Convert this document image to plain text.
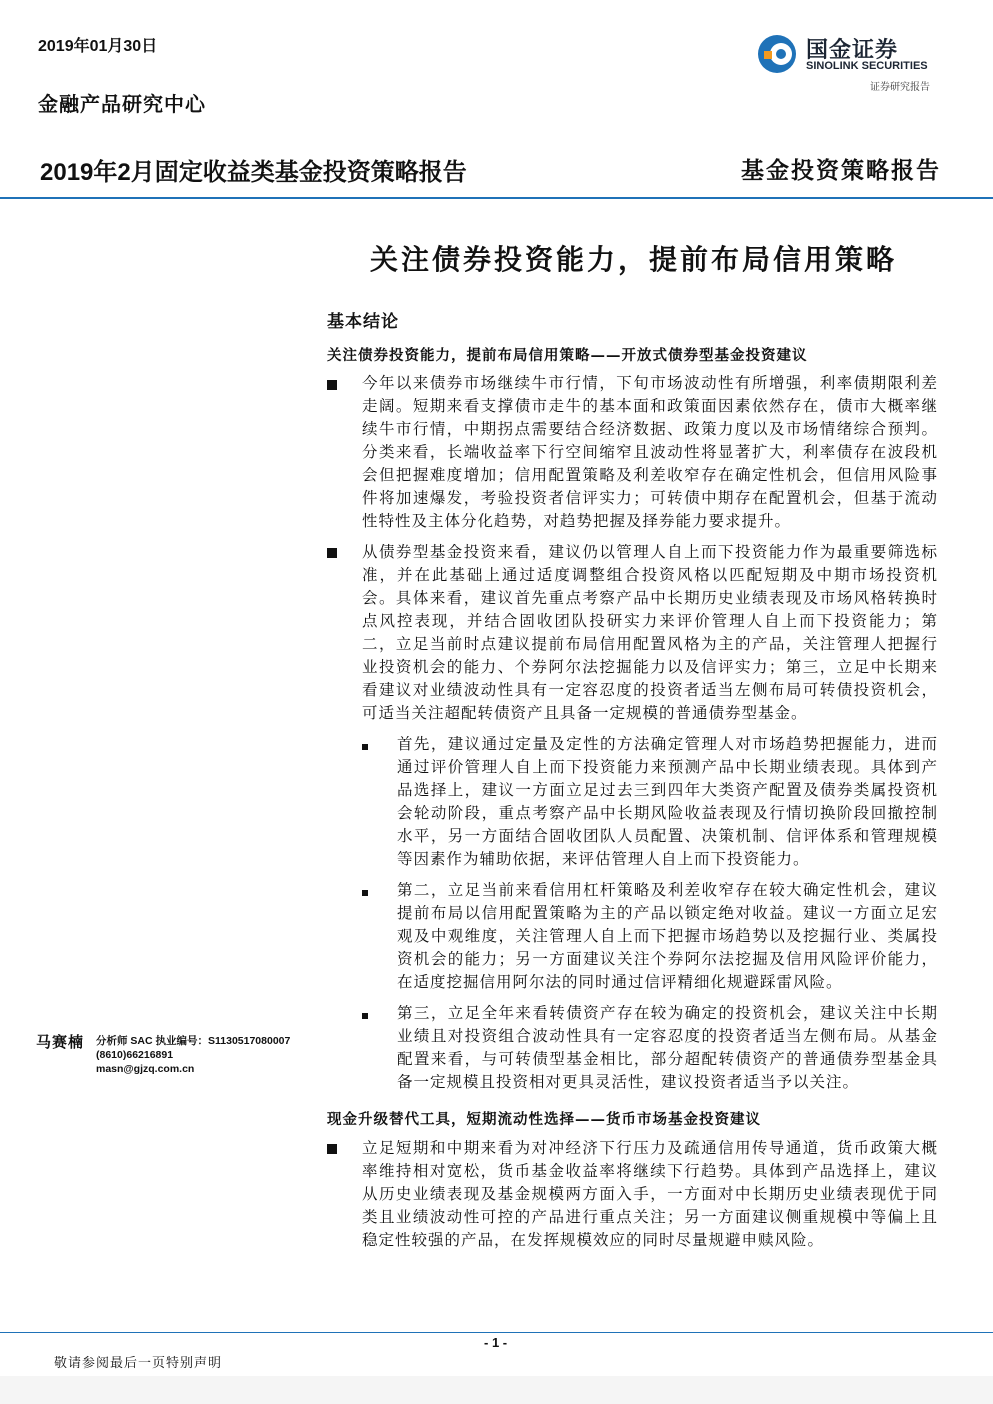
2019年01月30日
金融产品研究中心
2019年2月固定收益类基金投资策略报告	基金投资策略报告
国金证券
SINOLINK SECURITIES
证券研究报告
关注债券投资能力，提前布局信用策略
基本结论
关注债券投资能力，提前布局信用策略——开放式债券型基金投资建议
今年以来债券市场继续牛市行情，下旬市场波动性有所增强，利率债期限利差走阔。短期来看支撑债市走牛的基本面和政策面因素依然存在，债市大概率继续牛市行情，中期拐点需要结合经济数据、政策力度以及市场情绪综合预判。分类来看，长端收益率下行空间缩窄且波动性将显著扩大，利率债存在波段机会但把握难度增加；信用配置策略及利差收窄存在确定性机会，但信用风险事件将加速爆发，考验投资者信评实力；可转债中期存在配置机会，但基于流动性特性及主体分化趋势，对趋势把握及择券能力要求提升。
从债券型基金投资来看，建议仍以管理人自上而下投资能力作为最重要筛选标准，并在此基础上通过适度调整组合投资风格以匹配短期及中期市场投资机会。具体来看，建议首先重点考察产品中长期历史业绩表现及市场风格转换时点风控表现，并结合固收团队投研实力来评价管理人自上而下投资能力；第二，立足当前时点建议提前布局信用配置风格为主的产品，关注管理人把握行业投资机会的能力、个券阿尔法挖掘能力以及信评实力；第三，立足中长期来看建议对业绩波动性具有一定容忍度的投资者适当左侧布局可转债投资机会，可适当关注超配转债资产且具备一定规模的普通债券型基金。
首先，建议通过定量及定性的方法确定管理人对市场趋势把握能力，进而通过评价管理人自上而下投资能力来预测产品中长期业绩表现。具体到产品选择上，建议一方面立足过去三到四年大类资产配置及债券类属投资机会轮动阶段，重点考察产品中长期风险收益表现及行情切换阶段回撤控制水平，另一方面结合固收团队人员配置、决策机制、信评体系和管理规模等因素作为辅助依据，来评估管理人自上而下投资能力。
第二，立足当前来看信用杠杆策略及利差收窄存在较大确定性机会，建议提前布局以信用配置策略为主的产品以锁定绝对收益。建议一方面立足宏观及中观维度，关注管理人自上而下把握市场趋势以及挖掘行业、类属投资机会的能力；另一方面建议关注个券阿尔法挖掘及信用风险评价能力，在适度挖掘信用阿尔法的同时通过信评精细化规避踩雷风险。
第三，立足全年来看转债资产存在较为确定的投资机会，建议关注中长期业绩且对投资组合波动性具有一定容忍度的投资者适当左侧布局。从基金配置来看，与可转债型基金相比，部分超配转债资产的普通债券型基金具备一定规模且投资相对更具灵活性，建议投资者适当予以关注。
现金升级替代工具，短期流动性选择——货币市场基金投资建议
立足短期和中期来看为对冲经济下行压力及疏通信用传导通道，货币政策大概率维持相对宽松，货币基金收益率将继续下行趋势。具体到产品选择上，建议从历史业绩表现及基金规模两方面入手，一方面对中长期历史业绩表现优于同类且业绩波动性可控的产品进行重点关注；另一方面建议侧重规模中等偏上且稳定性较强的产品，在发挥规模效应的同时尽量规避申赎风险。
马赛楠 分析师 SAC 执业编号：S1130517080007
(8610)66216891
masn@gjzq.com.cn
- 1 -
敬请参阅最后一页特别声明
